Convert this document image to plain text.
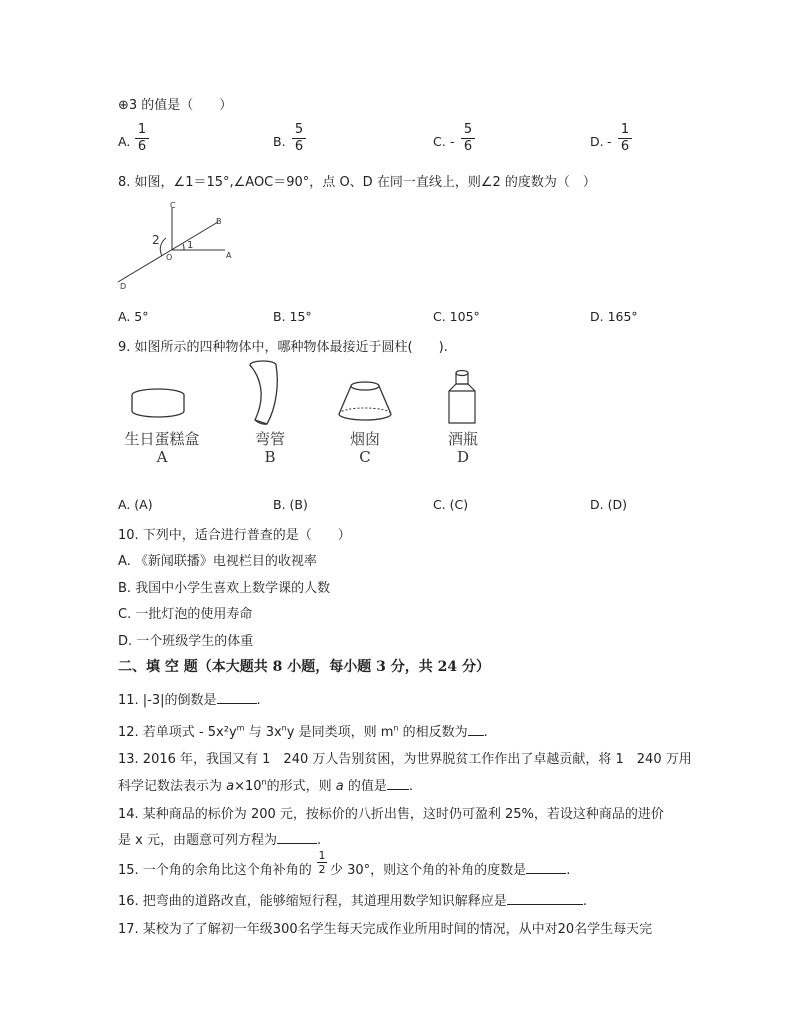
⊕3 的值是（　　）
A. $\frac{1}{6}$	B. $\frac{5}{6}$	C. - $\frac{5}{6}$	D. - $\frac{1}{6}$
8. 如图，∠1＝15°,∠AOC＝90°，点 O、D 在同一直线上，则∠2 的度数为（　）
C
B
A
O
D
1
2
A. 5°	B. 15°	C. 105°	D. 165°
9. 如图所示的四种物体中，哪种物体最接近于圆柱(　　).
生日蛋糕盒	弯管	烟囱	酒瓶
A	B	C	D
A. (A)	B. (B)	C. (C)	D. (D)
10. 下列中，适合进行普查的是（　　）
A. 《新闻联播》电视栏目的收视率
B. 我国中小学生喜欢上数学课的人数
C. 一批灯泡的使用寿命
D. 一个班级学生的体重
二、填 空 题（本大题共 8 小题，每小题 3 分，共 24 分）
11. |-3|的倒数是	.
12. 若单项式 - $5x^2y^m$ 与 $3x^ny$ 是同类项，则 $m^n$ 的相反数为 .
13. 2016 年，我国又有 1　240 万人告别贫困，为世界脱贫工作作出了卓越贡献，将 1　240 万用
科学记数法表示为 $a\times 10^n$的形式，则 a 的值是 .
14. 某种商品的标价为 200 元，按标价的八折出售，这时仍可盈利 25%，若设这种商品的进价
是 x 元，由题意可列方程为	.
15. 一个角的余角比这个角补角的 $\frac{1}{2}$ 少 30°，则这个角的补角的度数是	.
16. 把弯曲的道路改直，能够缩短行程，其道理用数学知识解释应是	.
17. 某校为了了解初一年级300名学生每天完成作业所用时间的情况，从中对20名学生每天完
